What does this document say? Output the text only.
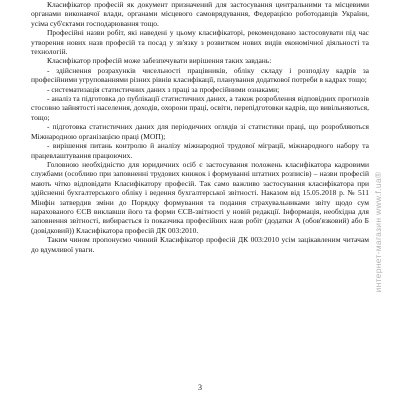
Класифікатор професій як документ призначений для застосування центральними та місцевими органами виконавчої влади, органами місцевого самоврядування, Федерацією роботодавців України, усіма суб'єктами господарювання тощо.

Професійні назви робіт, які наведені у цьому класифікаторі, рекомендовано застосовувати під час утворення нових назв професій та посад у зв'язку з розвитком нових видів економічної діяльності та технологій.

Класифікатор професій може забезпечувати вирішення таких завдань:

- здійснення розрахунків чисельності працівників, обліку складу і розподілу кадрів за професійними угрупованнями різних рівнів класифікації, планування додаткової потреби в кадрах тощо;

- систематизація статистичних даних з праці за професійними ознаками;

- аналіз та підготовка до публікації статистичних даних, а також розроблення відповідних прогнозів стосовно зайнятості населення, доходів, охорони праці, освіти, перепідготовки кадрів, що вивільняються, тощо;

- підготовка статистичних даних для періодичних оглядів зі статистики праці, що розробляються Міжнародною організацією праці (МОП);

- вирішення питань контролю й аналізу міжнародної трудової міграції, міжнародного набору та працевлаштування працюючих.

Головною необхідністю для юридичних осіб є застосування положень класифікатора кадровими службами (особливо при заповненні трудових книжок і формуванні штатних розписів) – назви професій мають чітко відповідати Класифікатору професій. Так само важливо застосування класифікатора при здійсненні бухгалтерського обліку і ведення бухгалтерської звітності. Наказом від 15.05.2018 р. № 511 Мінфін затвердив зміни до Порядку формування та подання страхувальниками звіту щодо сум нарахованого ЄСВ виклавши його та форми ЄСВ-звітності у новій редакції. Інформація, необхідна для заповнення звітності, вибирається із показчика професійних назв робіт (додатки А (обов'язковий) або Б (довідковий)) Класифікатора професій ДК 003:2010.

Таким чином пропонуємо чинний Класифікатор професій ДК 003:2010 усім зацікавленим читачам до вдумливої уваги.

3
интернет-магазин www.f.ua®
